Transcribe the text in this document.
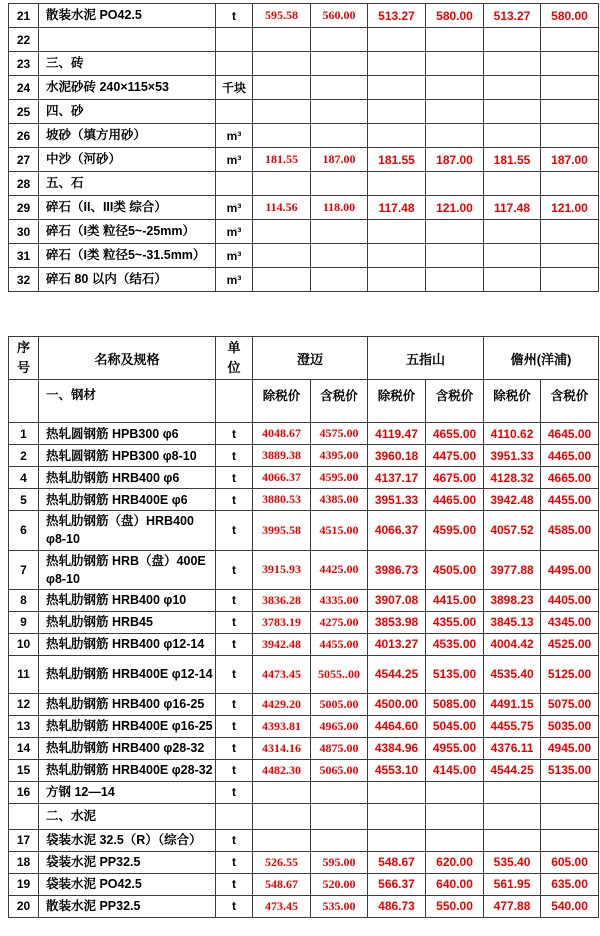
21	散装水泥 PO42.5	t	595.58	560.00	513.27	580.00	513.27	580.00
22								
23	三、砖							
24	水泥砂砖 240×115×53	千块						
25	四、砂							
26	坡砂（填方用砂）	m³						
27	中沙（河砂）	m³	181.55	187.00	181.55	187.00	181.55	187.00
28	五、石							
29	碎石（II、III类 综合）	m³	114.56	118.00	117.48	121.00	117.48	121.00
30	碎石（I类 粒径5~-25mm）	m³						
31	碎石（I类 粒径5~-31.5mm）	m³						
32	碎石 80 以内（结石）	m³						
序号	名称及规格	单位	澄迈		五指山		儋州(洋浦)	
	一、钢材		除税价	含税价	除税价	含税价	除税价	含税价
1	热轧圆钢筋 HPB300 φ6	t	4048.67	4575.00	4119.47	4655.00	4110.62	4645.00
2	热轧圆钢筋 HPB300 φ8-10	t	3889.38	4395.00	3960.18	4475.00	3951.33	4465.00
4	热轧肋钢筋 HRB400 φ6	t	4066.37	4595.00	4137.17	4675.00	4128.32	4665.00
5	热轧肋钢筋 HRB400E φ6	t	3880.53	4385.00	3951.33	4465.00	3942.48	4455.00
6	热轧肋钢筋（盘）HRB400 φ8-10	t	3995.58	4515.00	4066.37	4595.00	4057.52	4585.00
7	热轧肋钢筋 HRB（盘）400E φ8-10	t	3915.93	4425.00	3986.73	4505.00	3977.88	4495.00
8	热轧肋钢筋 HRB400 φ10	t	3836.28	4335.00	3907.08	4415.00	3898.23	4405.00
9	热轧肋钢筋 HRB45	t	3783.19	4275.00	3853.98	4355.00	3845.13	4345.00
10	热轧肋钢筋 HRB400 φ12-14	t	3942.48	4455.00	4013.27	4535.00	4004.42	4525.00
11	热轧肋钢筋 HRB400E φ12-14	t	4473.45	5055..00	4544.25	5135.00	4535.40	5125.00
12	热轧肋钢筋 HRB400 φ16-25	t	4429.20	5005.00	4500.00	5085.00	4491.15	5075.00
13	热轧肋钢筋 HRB400E φ16-25	t	4393.81	4965.00	4464.60	5045.00	4455.75	5035.00
14	热轧肋钢筋 HRB400 φ28-32	t	4314.16	4875.00	4384.96	4955.00	4376.11	4945.00
15	热轧肋钢筋 HRB400E φ28-32	t	4482.30	5065.00	4553.10	4145.00	4544.25	5135.00
16	方钢 12—14	t						
	二、水泥							
17	袋装水泥 32.5（R）（综合）	t						
18	袋装水泥 PP32.5	t	526.55	595.00	548.67	620.00	535.40	605.00
19	袋装水泥 PO42.5	t	548.67	520.00	566.37	640.00	561.95	635.00
20	散装水泥 PP32.5	t	473.45	535.00	486.73	550.00	477.88	540.00
